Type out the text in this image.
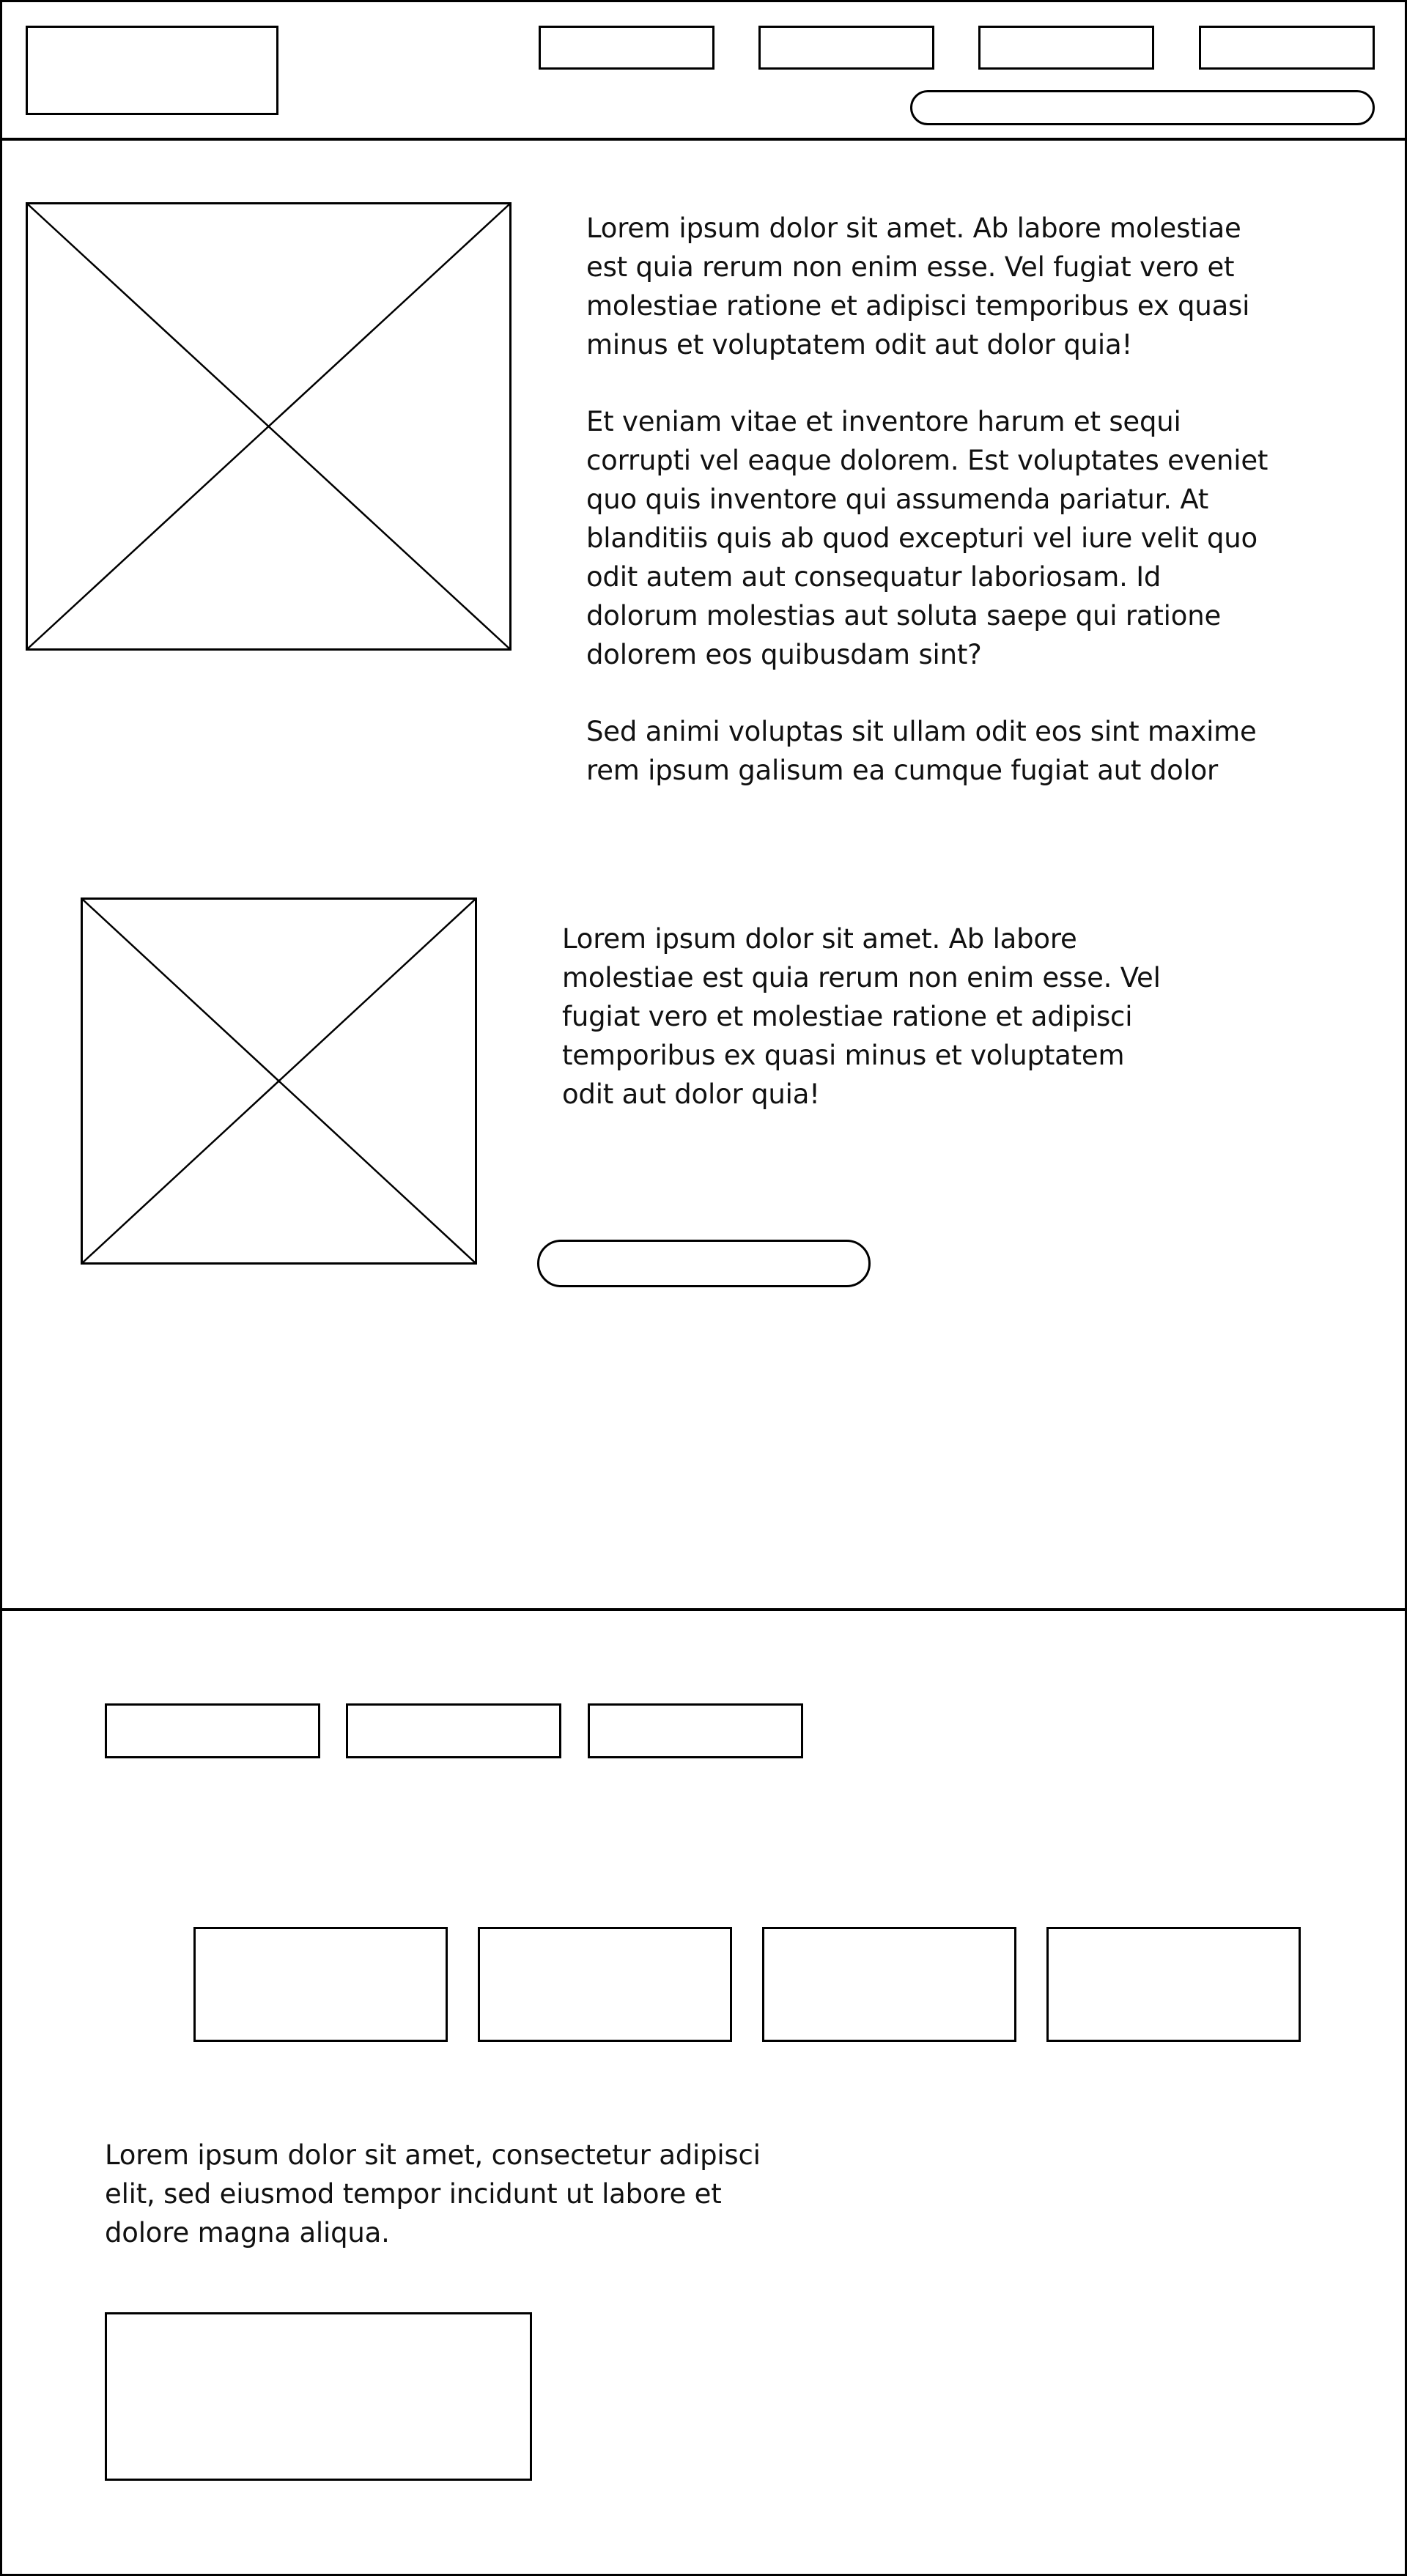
Lorem ipsum dolor sit amet. Ab labore molestiae
est quia rerum non enim esse. Vel fugiat vero et
molestiae ratione et adipisci temporibus ex quasi
minus et voluptatem odit aut dolor quia!
Et veniam vitae et inventore harum et sequi
corrupti vel eaque dolorem. Est voluptates eveniet
quo quis inventore qui assumenda pariatur. At
blanditiis quis ab quod excepturi vel iure velit quo
odit autem aut consequatur laboriosam. Id
dolorum molestias aut soluta saepe qui ratione
dolorem eos quibusdam sint?
Sed animi voluptas sit ullam odit eos sint maxime
rem ipsum galisum ea cumque fugiat aut dolor
Lorem ipsum dolor sit amet. Ab labore
molestiae est quia rerum non enim esse. Vel
fugiat vero et molestiae ratione et adipisci
temporibus ex quasi minus et voluptatem
odit aut dolor quia!
Lorem ipsum dolor sit amet, consectetur adipisci
elit, sed eiusmod tempor incidunt ut labore et
dolore magna aliqua.
